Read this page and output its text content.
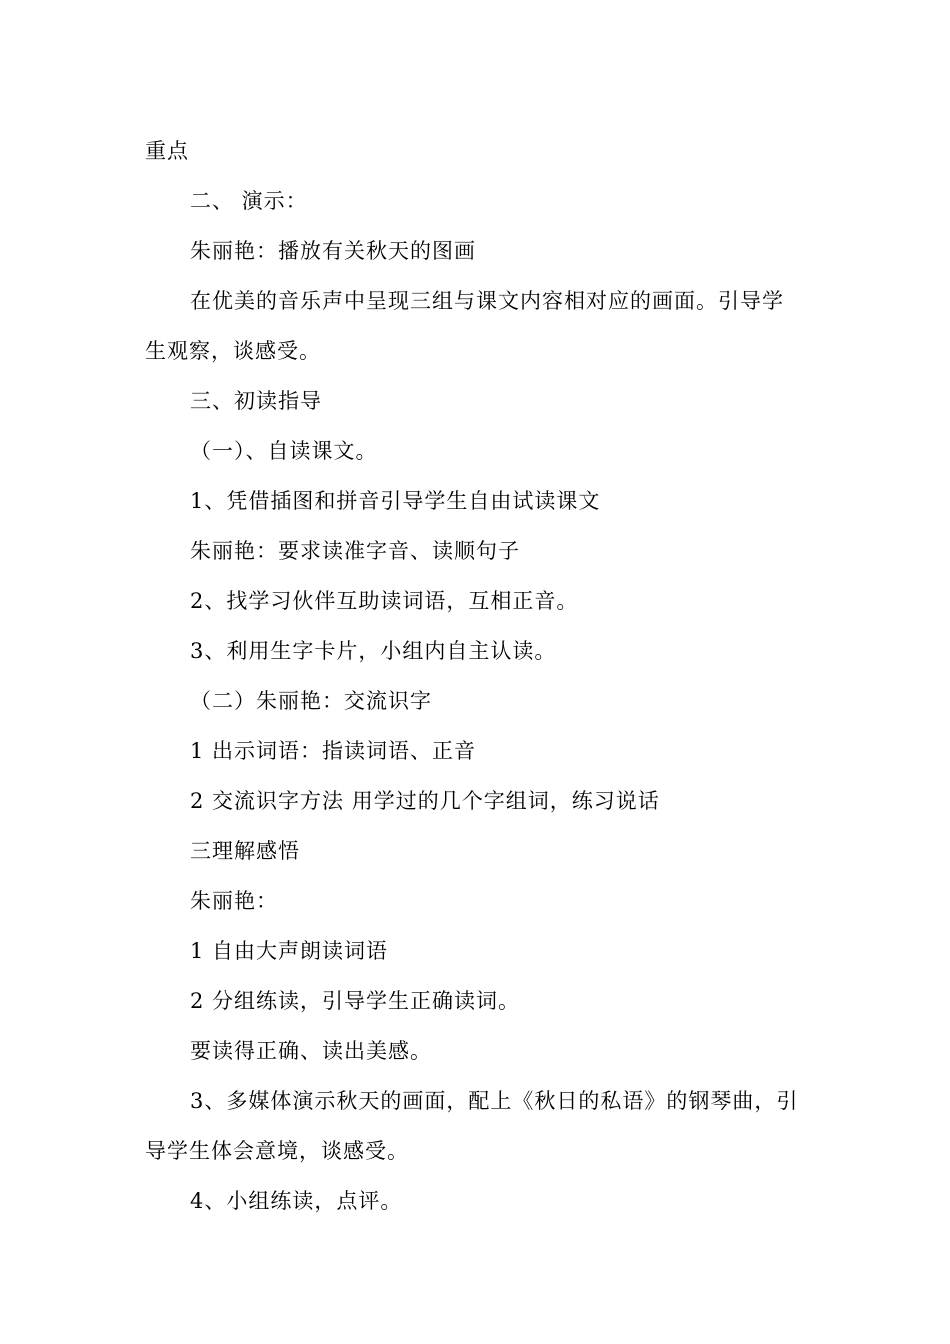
重点
二、 演示：
朱丽艳：播放有关秋天的图画
在优美的音乐声中呈现三组与课文内容相对应的画面。引导学
生观察，谈感受。
三、初读指导
（一）、自读课文。
1、凭借插图和拼音引导学生自由试读课文
朱丽艳：要求读准字音、读顺句子
2、找学习伙伴互助读词语，互相正音。
3、利用生字卡片，小组内自主认读。
（二）朱丽艳：交流识字
1 出示词语：指读词语、正音
2 交流识字方法 用学过的几个字组词，练习说话
三理解感悟
朱丽艳：
1 自由大声朗读词语
2 分组练读，引导学生正确读词。
要读得正确、读出美感。
3、多媒体演示秋天的画面，配上《秋日的私语》的钢琴曲，引
导学生体会意境，谈感受。
4、小组练读，点评。
